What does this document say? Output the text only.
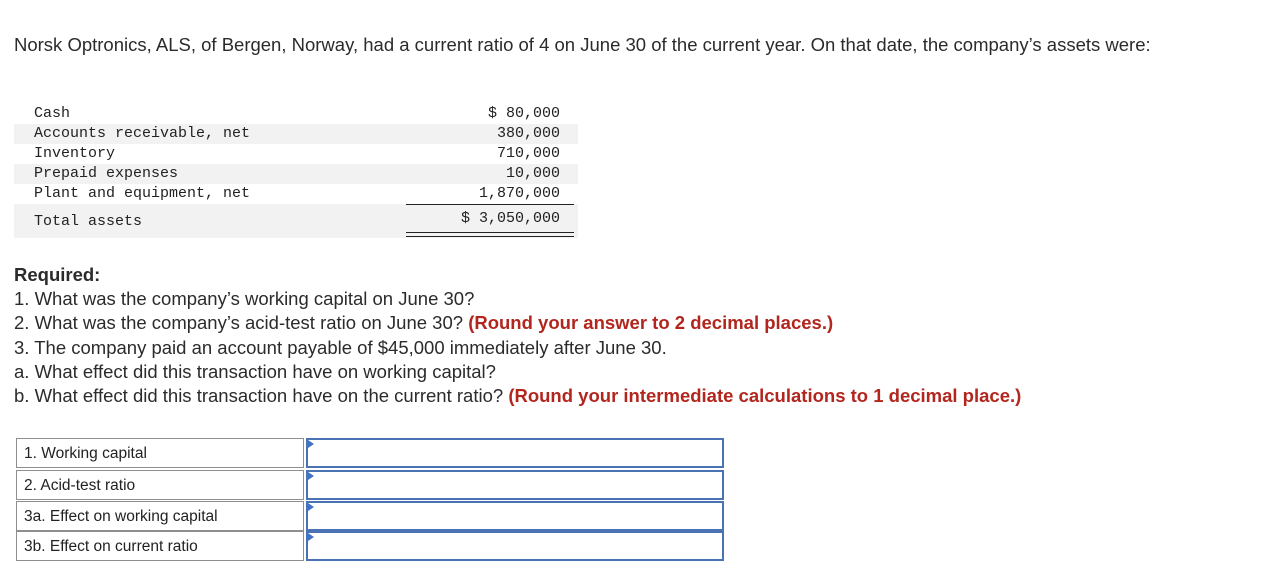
Norsk Optronics, ALS, of Bergen, Norway, had a current ratio of 4 on June 30 of the current year. On that date, the company’s assets were:
Cash	$ 80,000
Accounts receivable, net	380,000
Inventory	710,000
Prepaid expenses	10,000
Plant and equipment, net	1,870,000
Total assets	$ 3,050,000
Required:
1. What was the company’s working capital on June 30?
2. What was the company’s acid-test ratio on June 30? (Round your answer to 2 decimal places.)
3. The company paid an account payable of $45,000 immediately after June 30.
a. What effect did this transaction have on working capital?
b. What effect did this transaction have on the current ratio? (Round your intermediate calculations to 1 decimal place.)
1. Working capital
2. Acid-test ratio
3a. Effect on working capital
3b. Effect on current ratio
